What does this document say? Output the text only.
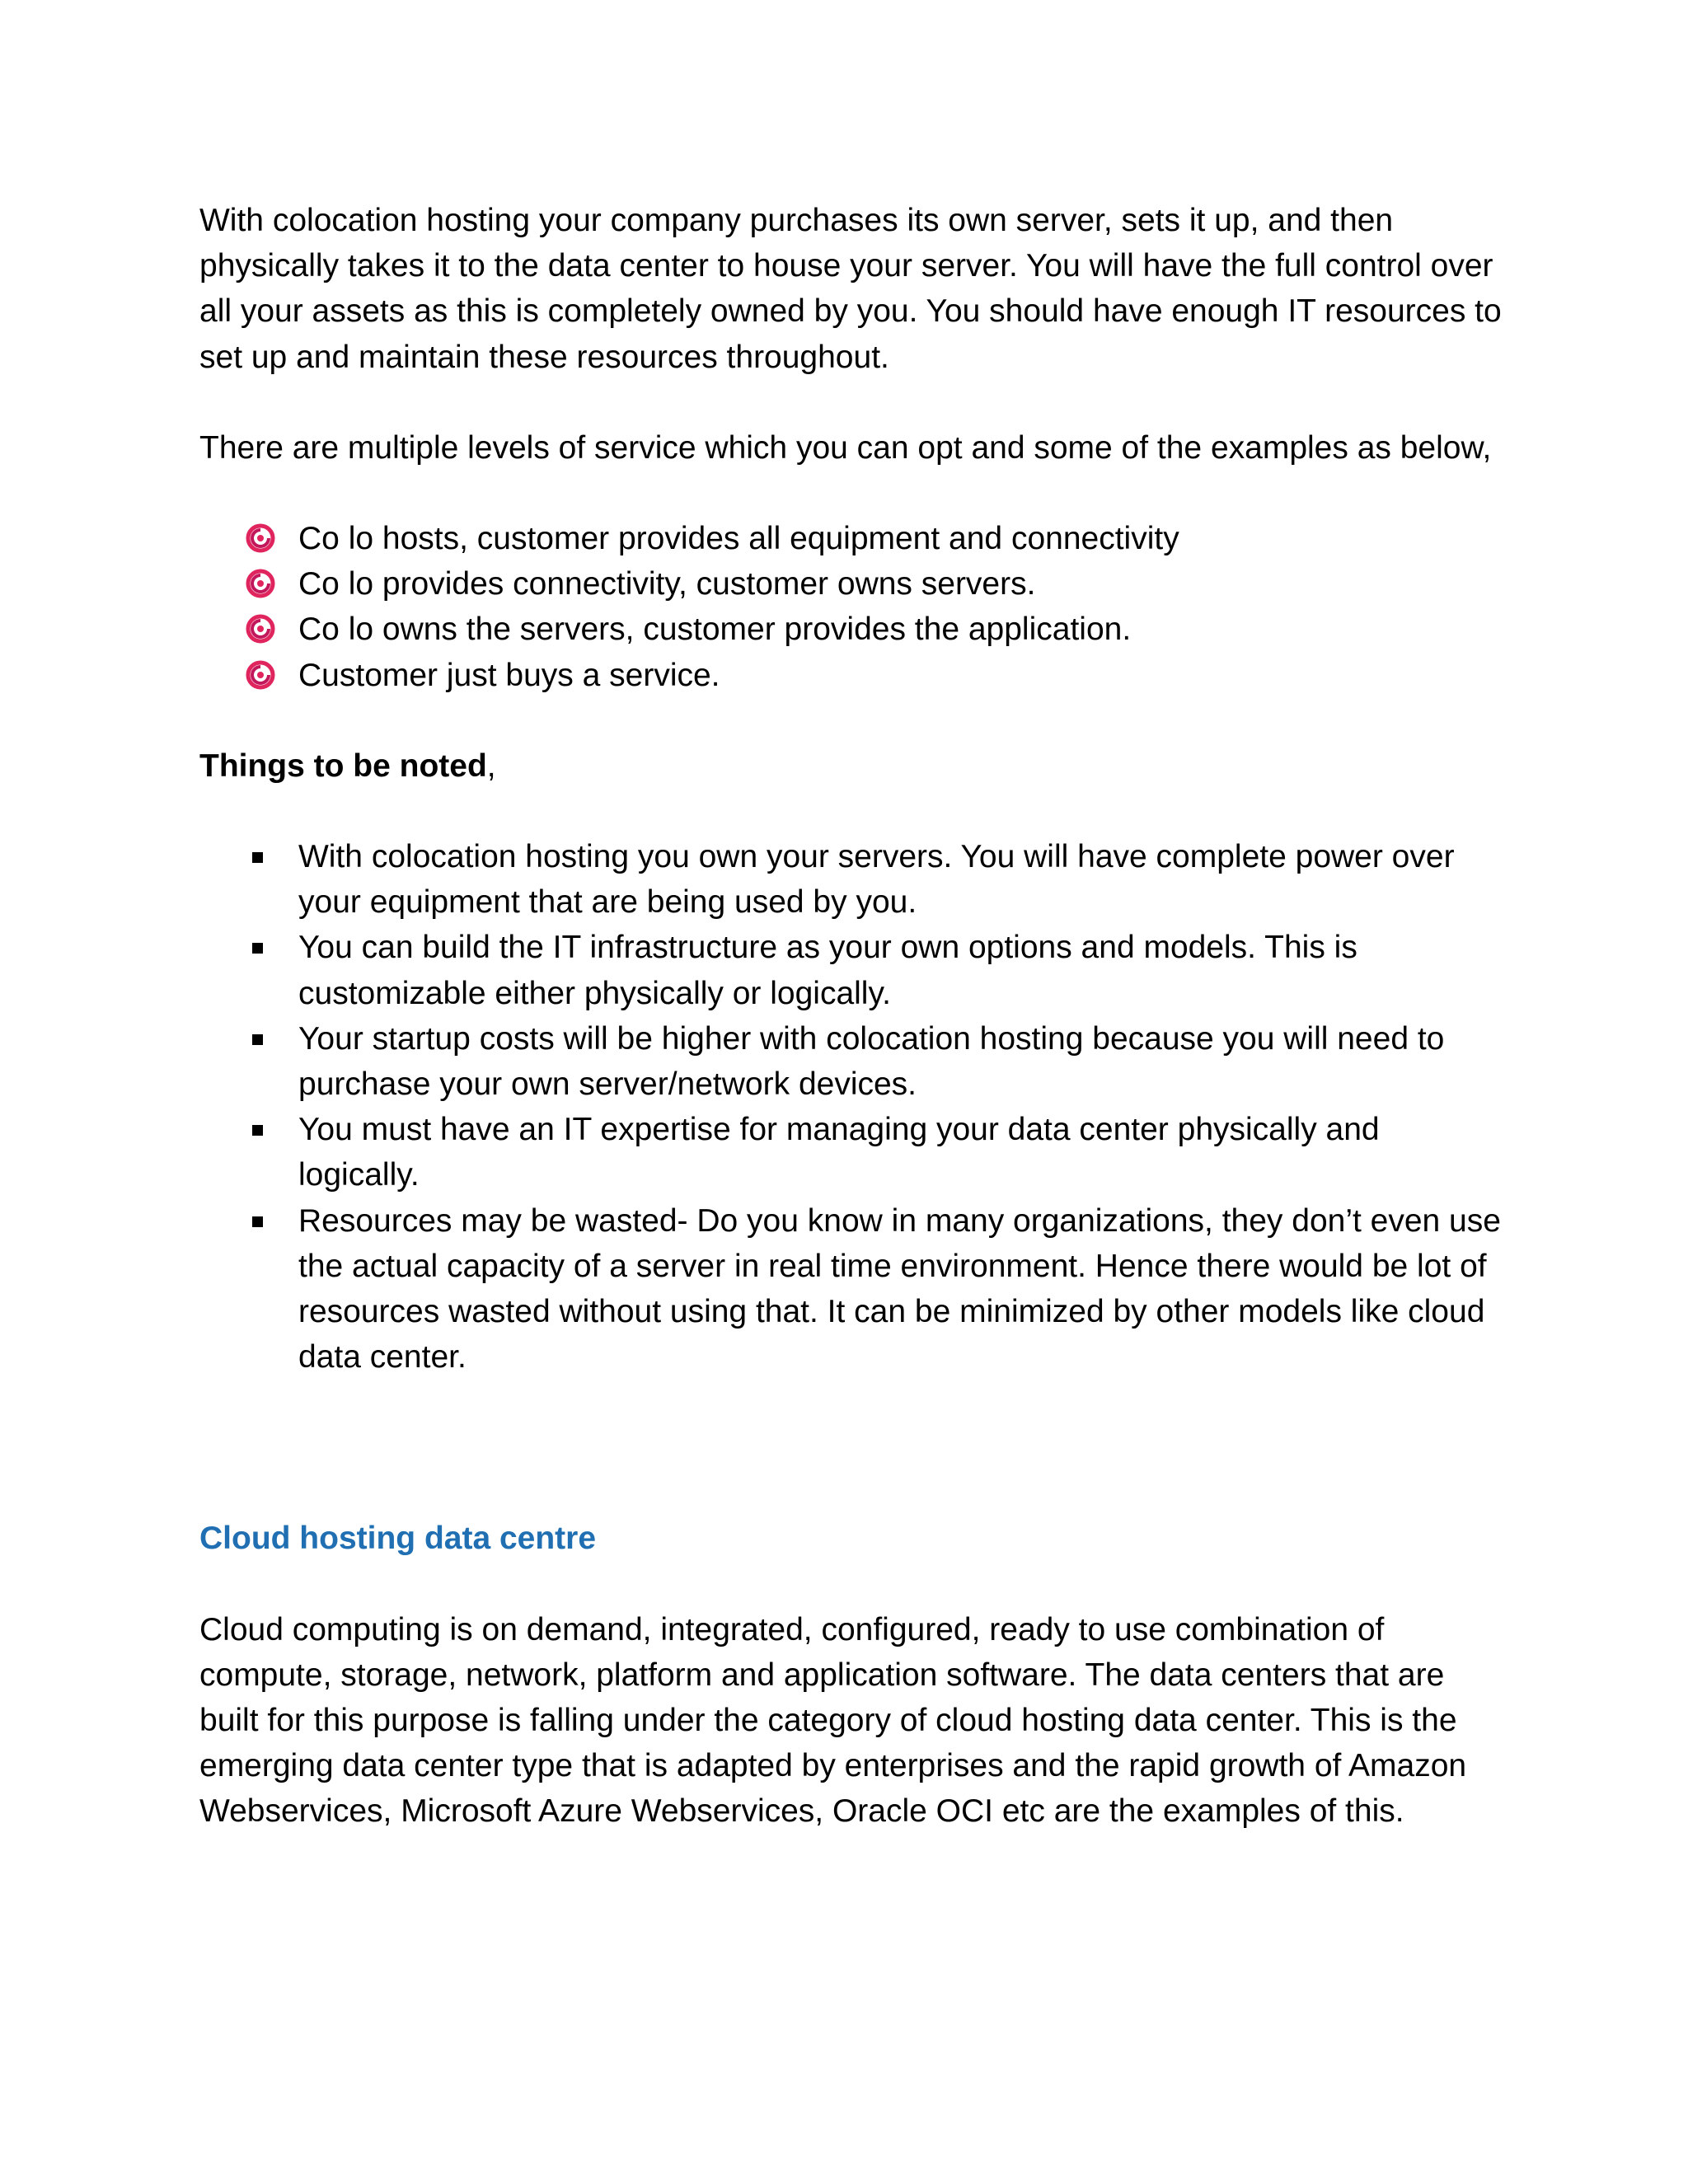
With colocation hosting your company purchases its own server, sets it up, and then physically takes it to the data center to house your server. You will have the full control over all your assets as this is completely owned by you. You should have enough IT resources to set up and maintain these resources throughout.

There are multiple levels of service which you can opt and some of the examples as below,

Co lo hosts, customer provides all equipment and connectivity
Co lo provides connectivity, customer owns servers.
Co lo owns the servers, customer provides the application.
Customer just buys a service.

Things to be noted,

With colocation hosting you own your servers. You will have complete power over your equipment that are being used by you.
You can build the IT infrastructure as your own options and models. This is customizable either physically or logically.
Your startup costs will be higher with colocation hosting because you will need to purchase your own server/network devices.
You must have an IT expertise for managing your data center physically and logically.
Resources may be wasted- Do you know in many organizations, they don’t even use the actual capacity of a server in real time environment. Hence there would be lot of resources wasted without using that. It can be minimized by other models like cloud data center.

Cloud hosting data centre

Cloud computing is on demand, integrated, configured, ready to use combination of compute, storage, network, platform and application software. The data centers that are built for this purpose is falling under the category of cloud hosting data center. This is the emerging data center type that is adapted by enterprises and the rapid growth of Amazon Webservices, Microsoft Azure Webservices, Oracle OCI etc are the examples of this.
